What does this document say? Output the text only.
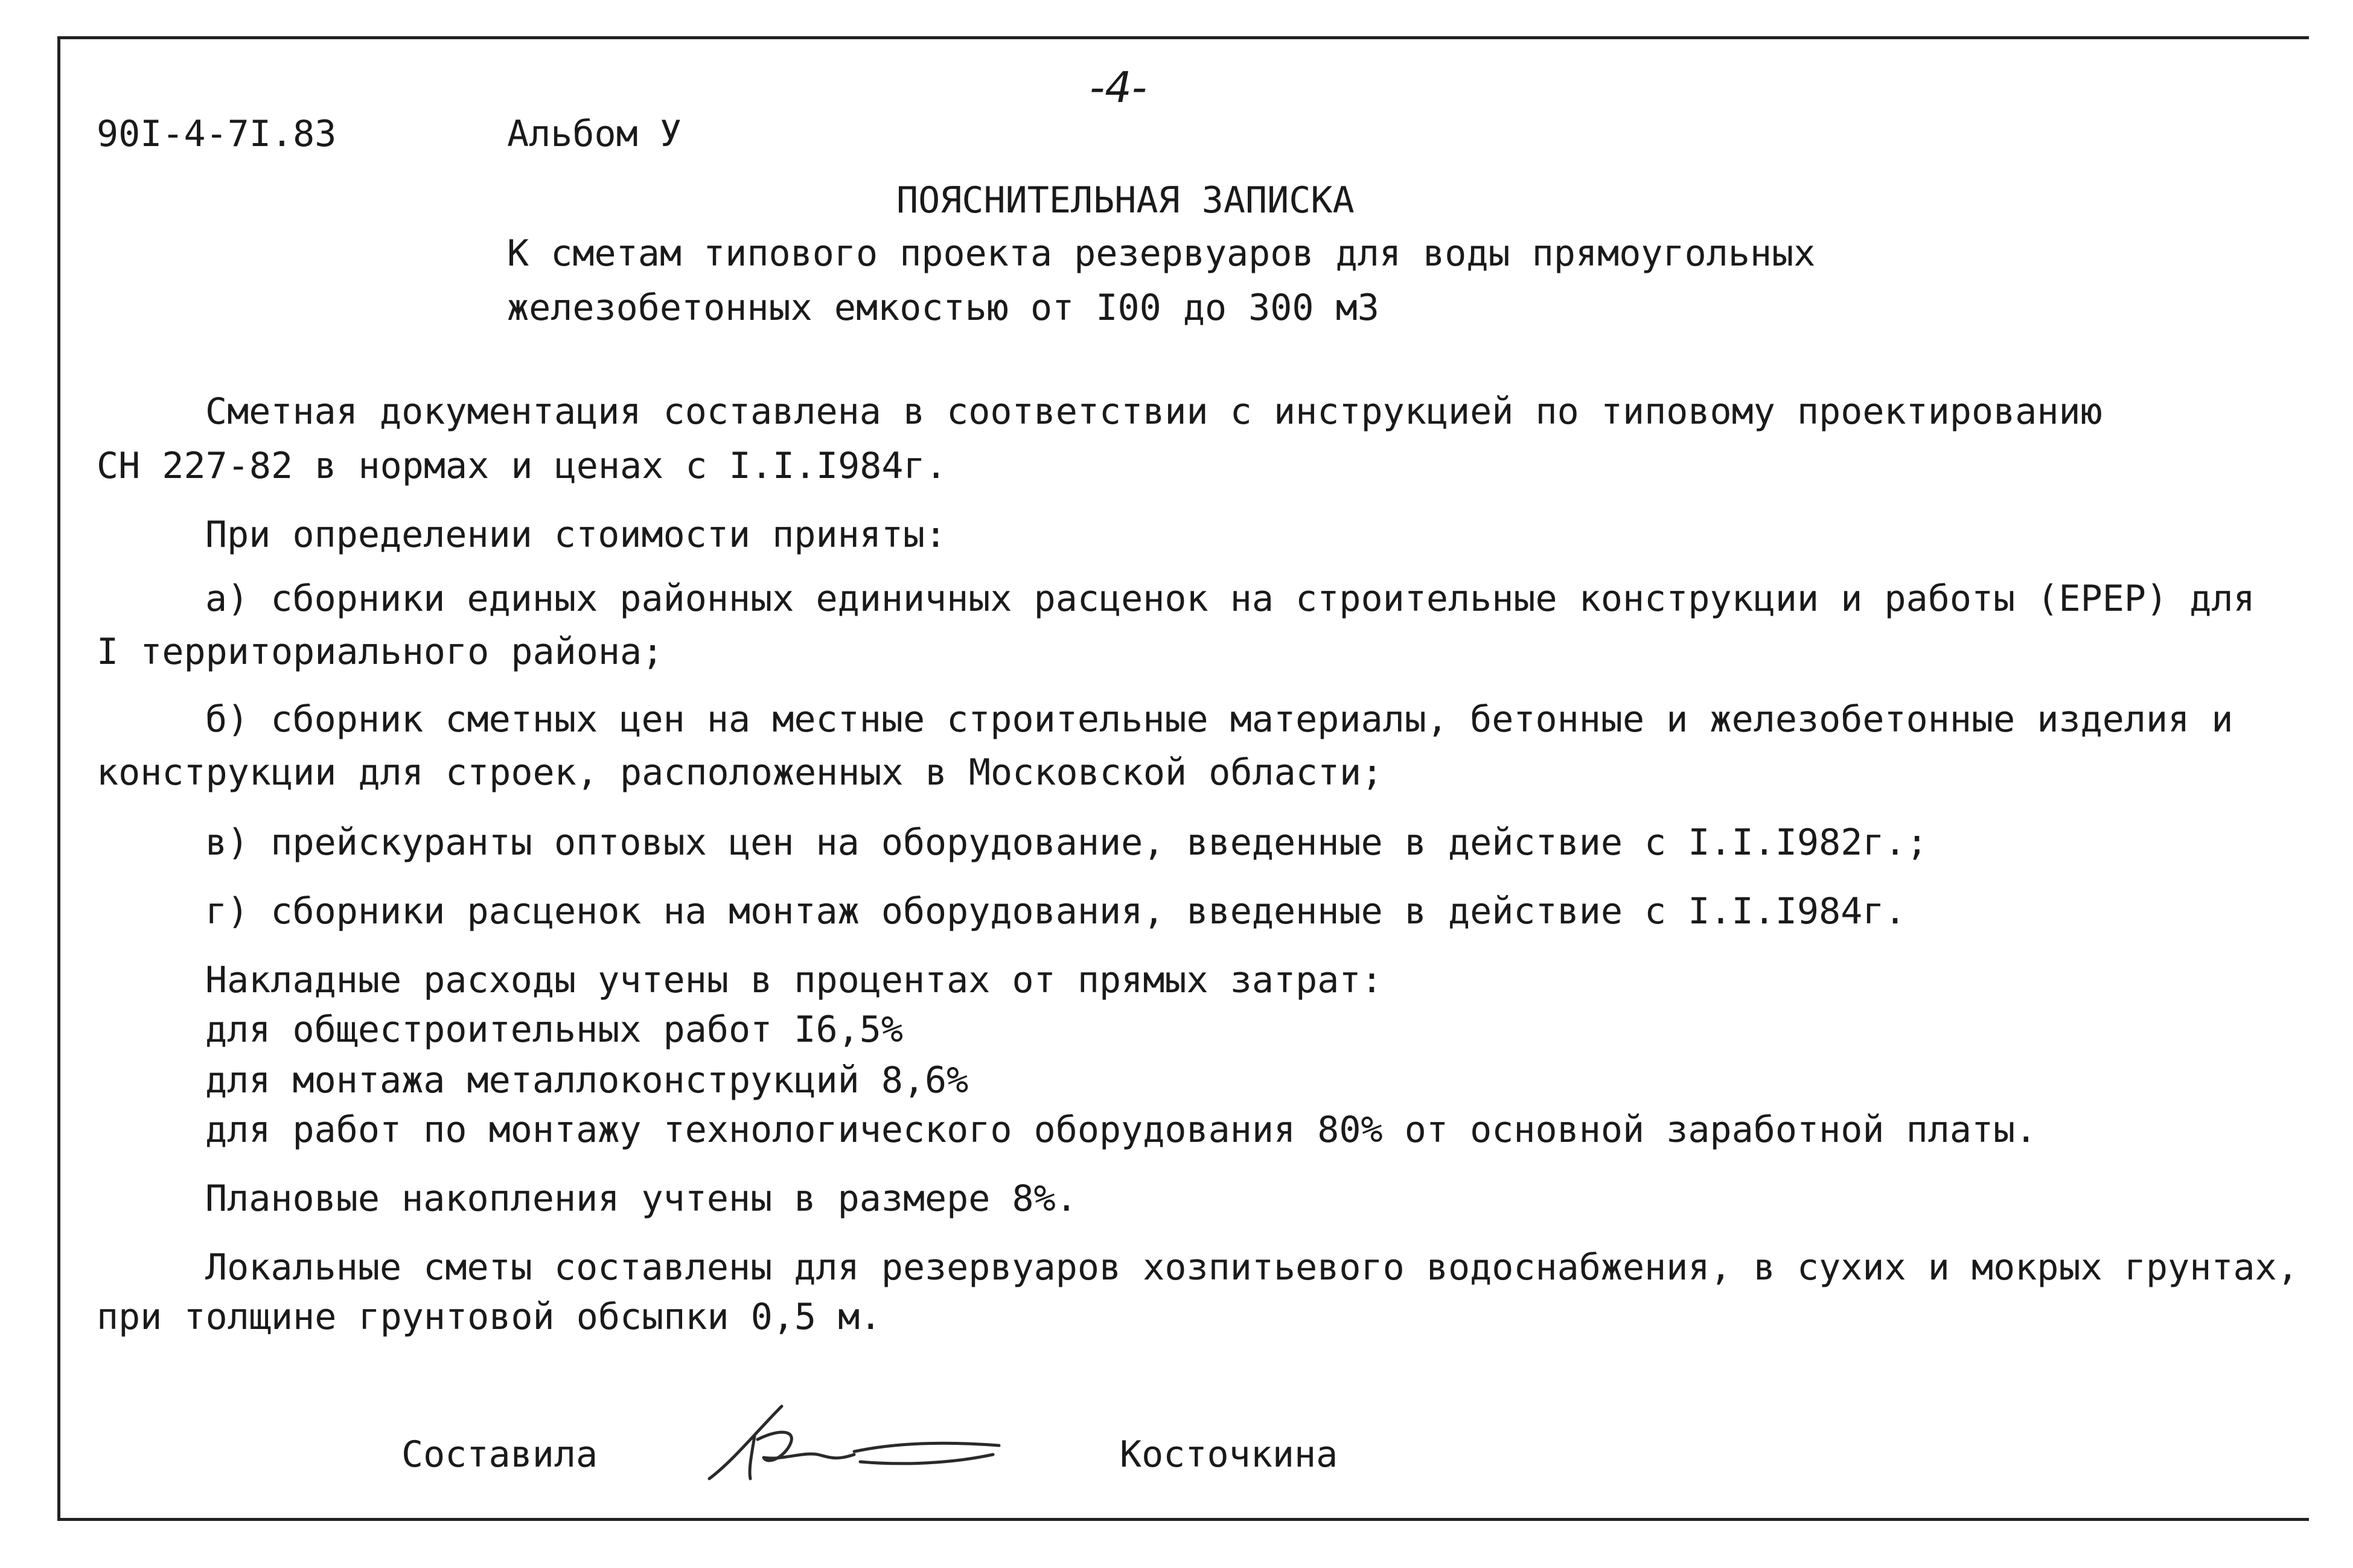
-4-
90I-4-7I.83	Альбом У
ПОЯСНИТЕЛЬНАЯ ЗАПИСКА
К сметам типового проекта резервуаров для воды прямоугольных
железобетонных емкостью от I00 до 300 м3
Сметная документация составлена в соответствии с инструкцией по типовому проектированию
СН 227-82 в нормах и ценах с I.I.I984г.
При определении стоимости приняты:
а) сборники единых районных единичных расценок на строительные конструкции и работы (ЕРЕР) для
I территориального района;
б) сборник сметных цен на местные строительные материалы, бетонные и железобетонные изделия и
конструкции для строек, расположенных в Московской области;
в) прейскуранты оптовых цен на оборудование, введенные в действие с I.I.I982г.;
г) сборники расценок на монтаж оборудования, введенные в действие с I.I.I984г.
Накладные расходы учтены в процентах от прямых затрат:
для общестроительных работ I6,5%
для монтажа металлоконструкций 8,6%
для работ по монтажу технологического оборудования 80% от основной заработной платы.
Плановые накопления учтены в размере 8%.
Локальные сметы составлены для резервуаров хозпитьевого водоснабжения, в сухих и мокрых грунтах,
при толщине грунтовой обсыпки 0,5 м.
Составила	Косточкина
